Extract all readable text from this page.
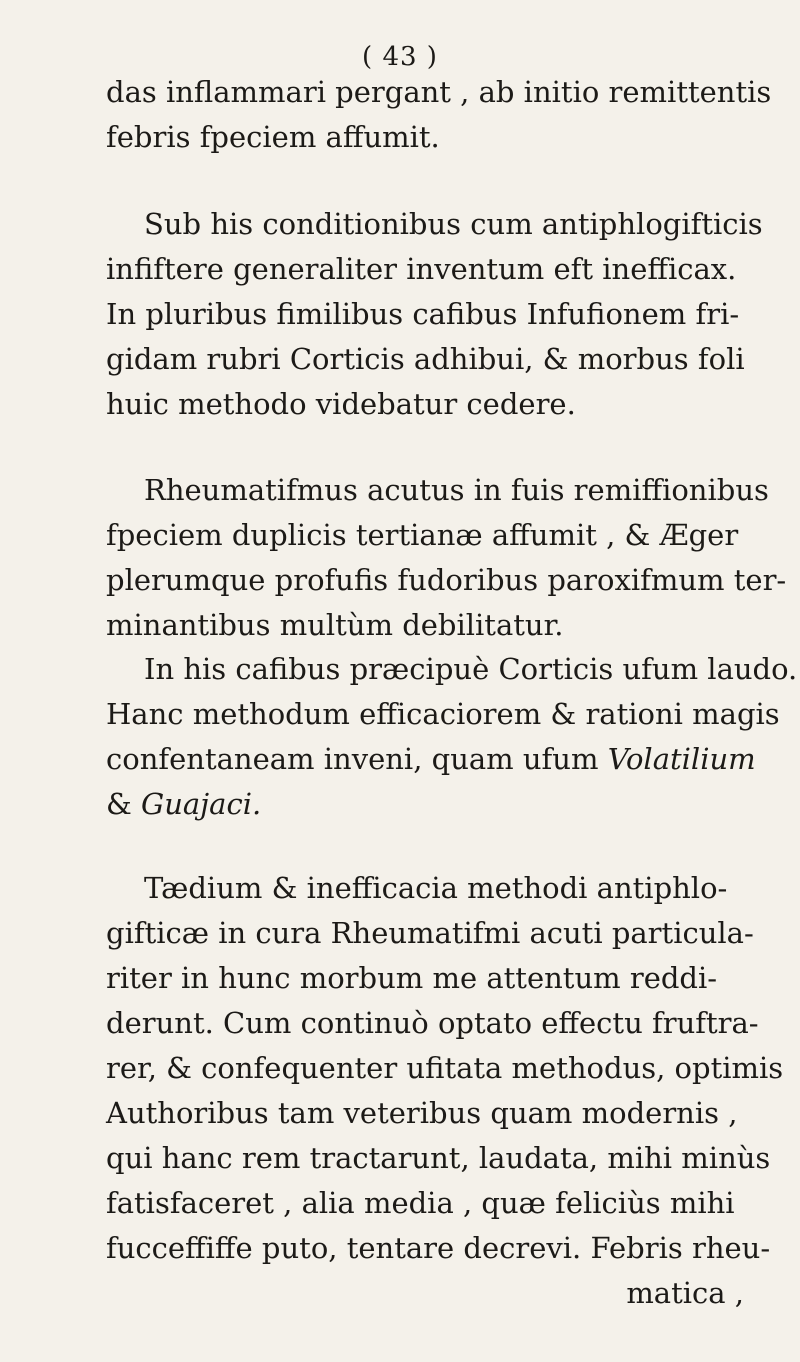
( 43 )

das inflammari pergant , ab initio remittentis
febris fpeciem affumit.

Sub his conditionibus cum antiphlogifticis
infiftere generaliter inventum eft inefficax.
In pluribus fimilibus cafibus Infufionem fri-
gidam rubri Corticis adhibui, & morbus foli
huic methodo videbatur cedere.

Rheumatifmus acutus in fuis remiffionibus
fpeciem duplicis tertianæ affumit , & Æger
plerumque profufis fudoribus paroxifmum ter-
minantibus multùm debilitatur.

In his cafibus præcipuè Corticis ufum laudo.
Hanc methodum efficaciorem & rationi magis
confentaneam inveni, quam ufum Volatilium
& Guajaci.

Tædium & inefficacia methodi antiphlo-
gifticæ in cura Rheumatifmi acuti particula-
riter in hunc morbum me attentum reddi-
derunt. Cum continuò optato effectu fruftra-
rer, & confequenter ufitata methodus, optimis
Authoribus tam veteribus quam modernis ,
qui hanc rem tractarunt, laudata, mihi minùs
fatisfaceret , alia media , quæ feliciùs mihi
fucceffiffe puto, tentare decrevi. Febris rheu-
matica ,
